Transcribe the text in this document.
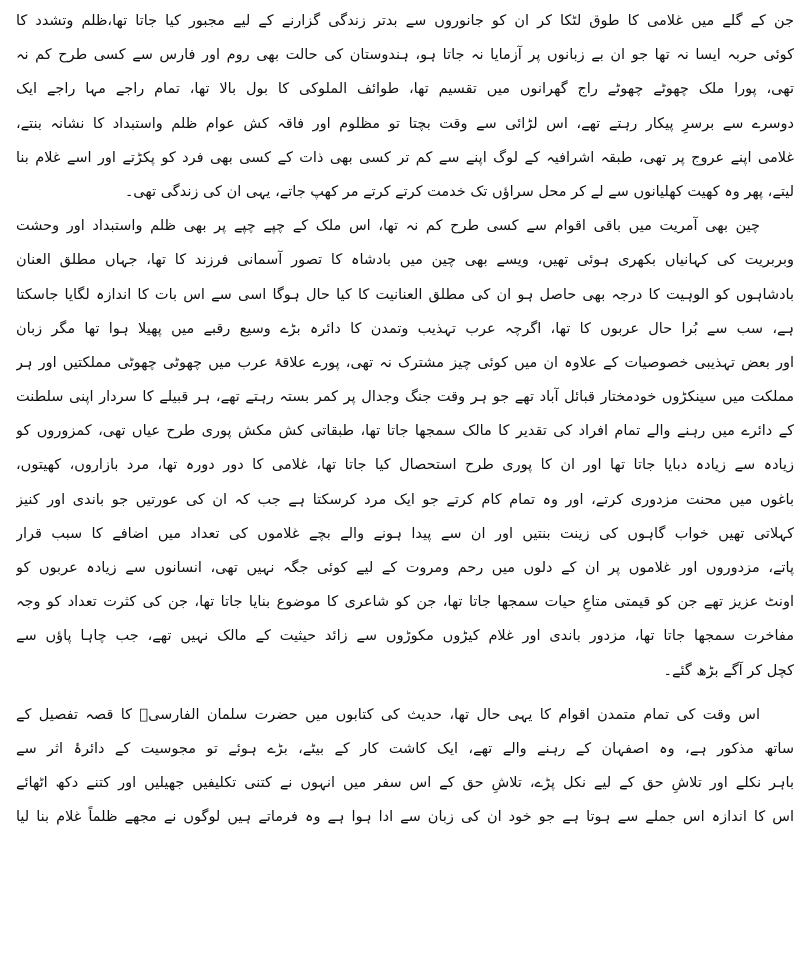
جن کے گلے میں غلامی کا طوق لٹکا کر ان کو جانوروں سے بدتر زندگی گزارنے کے لیے مجبور کیا جاتا تھا،ظلم وتشدد کا
کوئی حربہ ایسا نہ تھا جو ان بے زبانوں پر آزمایا نہ جاتا ہو، ہندوستان کی حالت بھی روم اور فارس سے کسی طرح کم نہ
تھی، پورا ملک چھوٹے چھوٹے راج گھرانوں میں تقسیم تھا، طوائف الملوکی کا بول بالا تھا، تمام راجے مہا راجے ایک
دوسرے سے برسرِ پیکار رہتے تھے، اس لڑائی سے وقت بچتا تو مظلوم اور فاقہ کش عوام ظلم واستبداد کا نشانہ بنتے،
غلامی اپنے عروج پر تھی، طبقہ اشرافیہ کے لوگ اپنے سے کم تر کسی بھی ذات کے کسی بھی فرد کو پکڑتے اور اسے غلام بنا
لیتے، پھر وہ کھیت کھلیانوں سے لے کر محل سراؤں تک خدمت کرتے کرتے مر کھپ جاتے، یہی ان کی زندگی تھی۔
چین بھی آمریت میں باقی اقوام سے کسی طرح کم نہ تھا، اس ملک کے چپے چپے پر بھی ظلم واستبداد اور وحشت
وبربریت کی کہانیاں بکھری ہوئی تھیں، ویسے بھی چین میں بادشاہ کا تصور آسمانی فرزند کا تھا، جہاں مطلق العنان
بادشاہوں کو الوہیت کا درجہ بھی حاصل ہو ان کی مطلق العنانیت کا کیا حال ہوگا اسی سے اس بات کا اندازہ لگایا جاسکتا
ہے، سب سے بُرا حال عربوں کا تھا، اگرچہ عرب تہذیب وتمدن کا دائرہ بڑے وسیع رقبے میں پھیلا ہوا تھا مگر زبان
اور بعض تہذیبی خصوصیات کے علاوہ ان میں کوئی چیز مشترک نہ تھی، پورے علاقۂ عرب میں چھوٹی چھوٹی مملکتیں اور ہر
مملکت میں سینکڑوں خودمختار قبائل آباد تھے جو ہر وقت جنگ وجدال پر کمر بستہ رہتے تھے، ہر قبیلے کا سردار اپنی سلطنت
کے دائرے میں رہنے والے تمام افراد کی تقدیر کا مالک سمجھا جاتا تھا، طبقاتی کش مکش پوری طرح عیاں تھی، کمزوروں کو
زیادہ سے زیادہ دبایا جاتا تھا اور ان کا پوری طرح استحصال کیا جاتا تھا، غلامی کا دور دورہ تھا، مرد بازاروں، کھیتوں،
باغوں میں محنت مزدوری کرتے، اور وہ تمام کام کرتے جو ایک مرد کرسکتا ہے جب کہ ان کی عورتیں جو باندی اور کنیز
کہلاتی تھیں خواب گاہوں کی زینت بنتیں اور ان سے پیدا ہونے والے بچے غلاموں کی تعداد میں اضافے کا سبب قرار
پاتے، مزدوروں اور غلاموں پر ان کے دلوں میں رحم ومروت کے لیے کوئی جگہ نہیں تھی، انسانوں سے زیادہ عربوں کو
اونٹ عزیز تھے جن کو قیمتی متاعِ حیات سمجھا جاتا تھا، جن کو شاعری کا موضوع بنایا جاتا تھا، جن کی کثرت تعداد کو وجہ
مفاخرت سمجھا جاتا تھا، مزدور باندی اور غلام کیڑوں مکوڑوں سے زائد حیثیت کے مالک نہیں تھے، جب چاہا پاؤں سے
کچل کر آگے بڑھ گئے۔
اس وقت کی تمام متمدن اقوام کا یہی حال تھا، حدیث کی کتابوں میں حضرت سلمان الفارسیؓ کا قصہ تفصیل کے
ساتھ مذکور ہے، وہ اصفہان کے رہنے والے تھے، ایک کاشت کار کے بیٹے، بڑے ہوئے تو مجوسیت کے دائرۂ اثر سے
باہر نکلے اور تلاشِ حق کے لیے نکل پڑے، تلاشِ حق کے اس سفر میں انہوں نے کتنی تکلیفیں جھیلیں اور کتنے دکھ اٹھائے
اس کا اندازہ اس جملے سے ہوتا ہے جو خود ان کی زبان سے ادا ہوا ہے وہ فرماتے ہیں لوگوں نے مجھے ظلماً غلام بنا لیا
